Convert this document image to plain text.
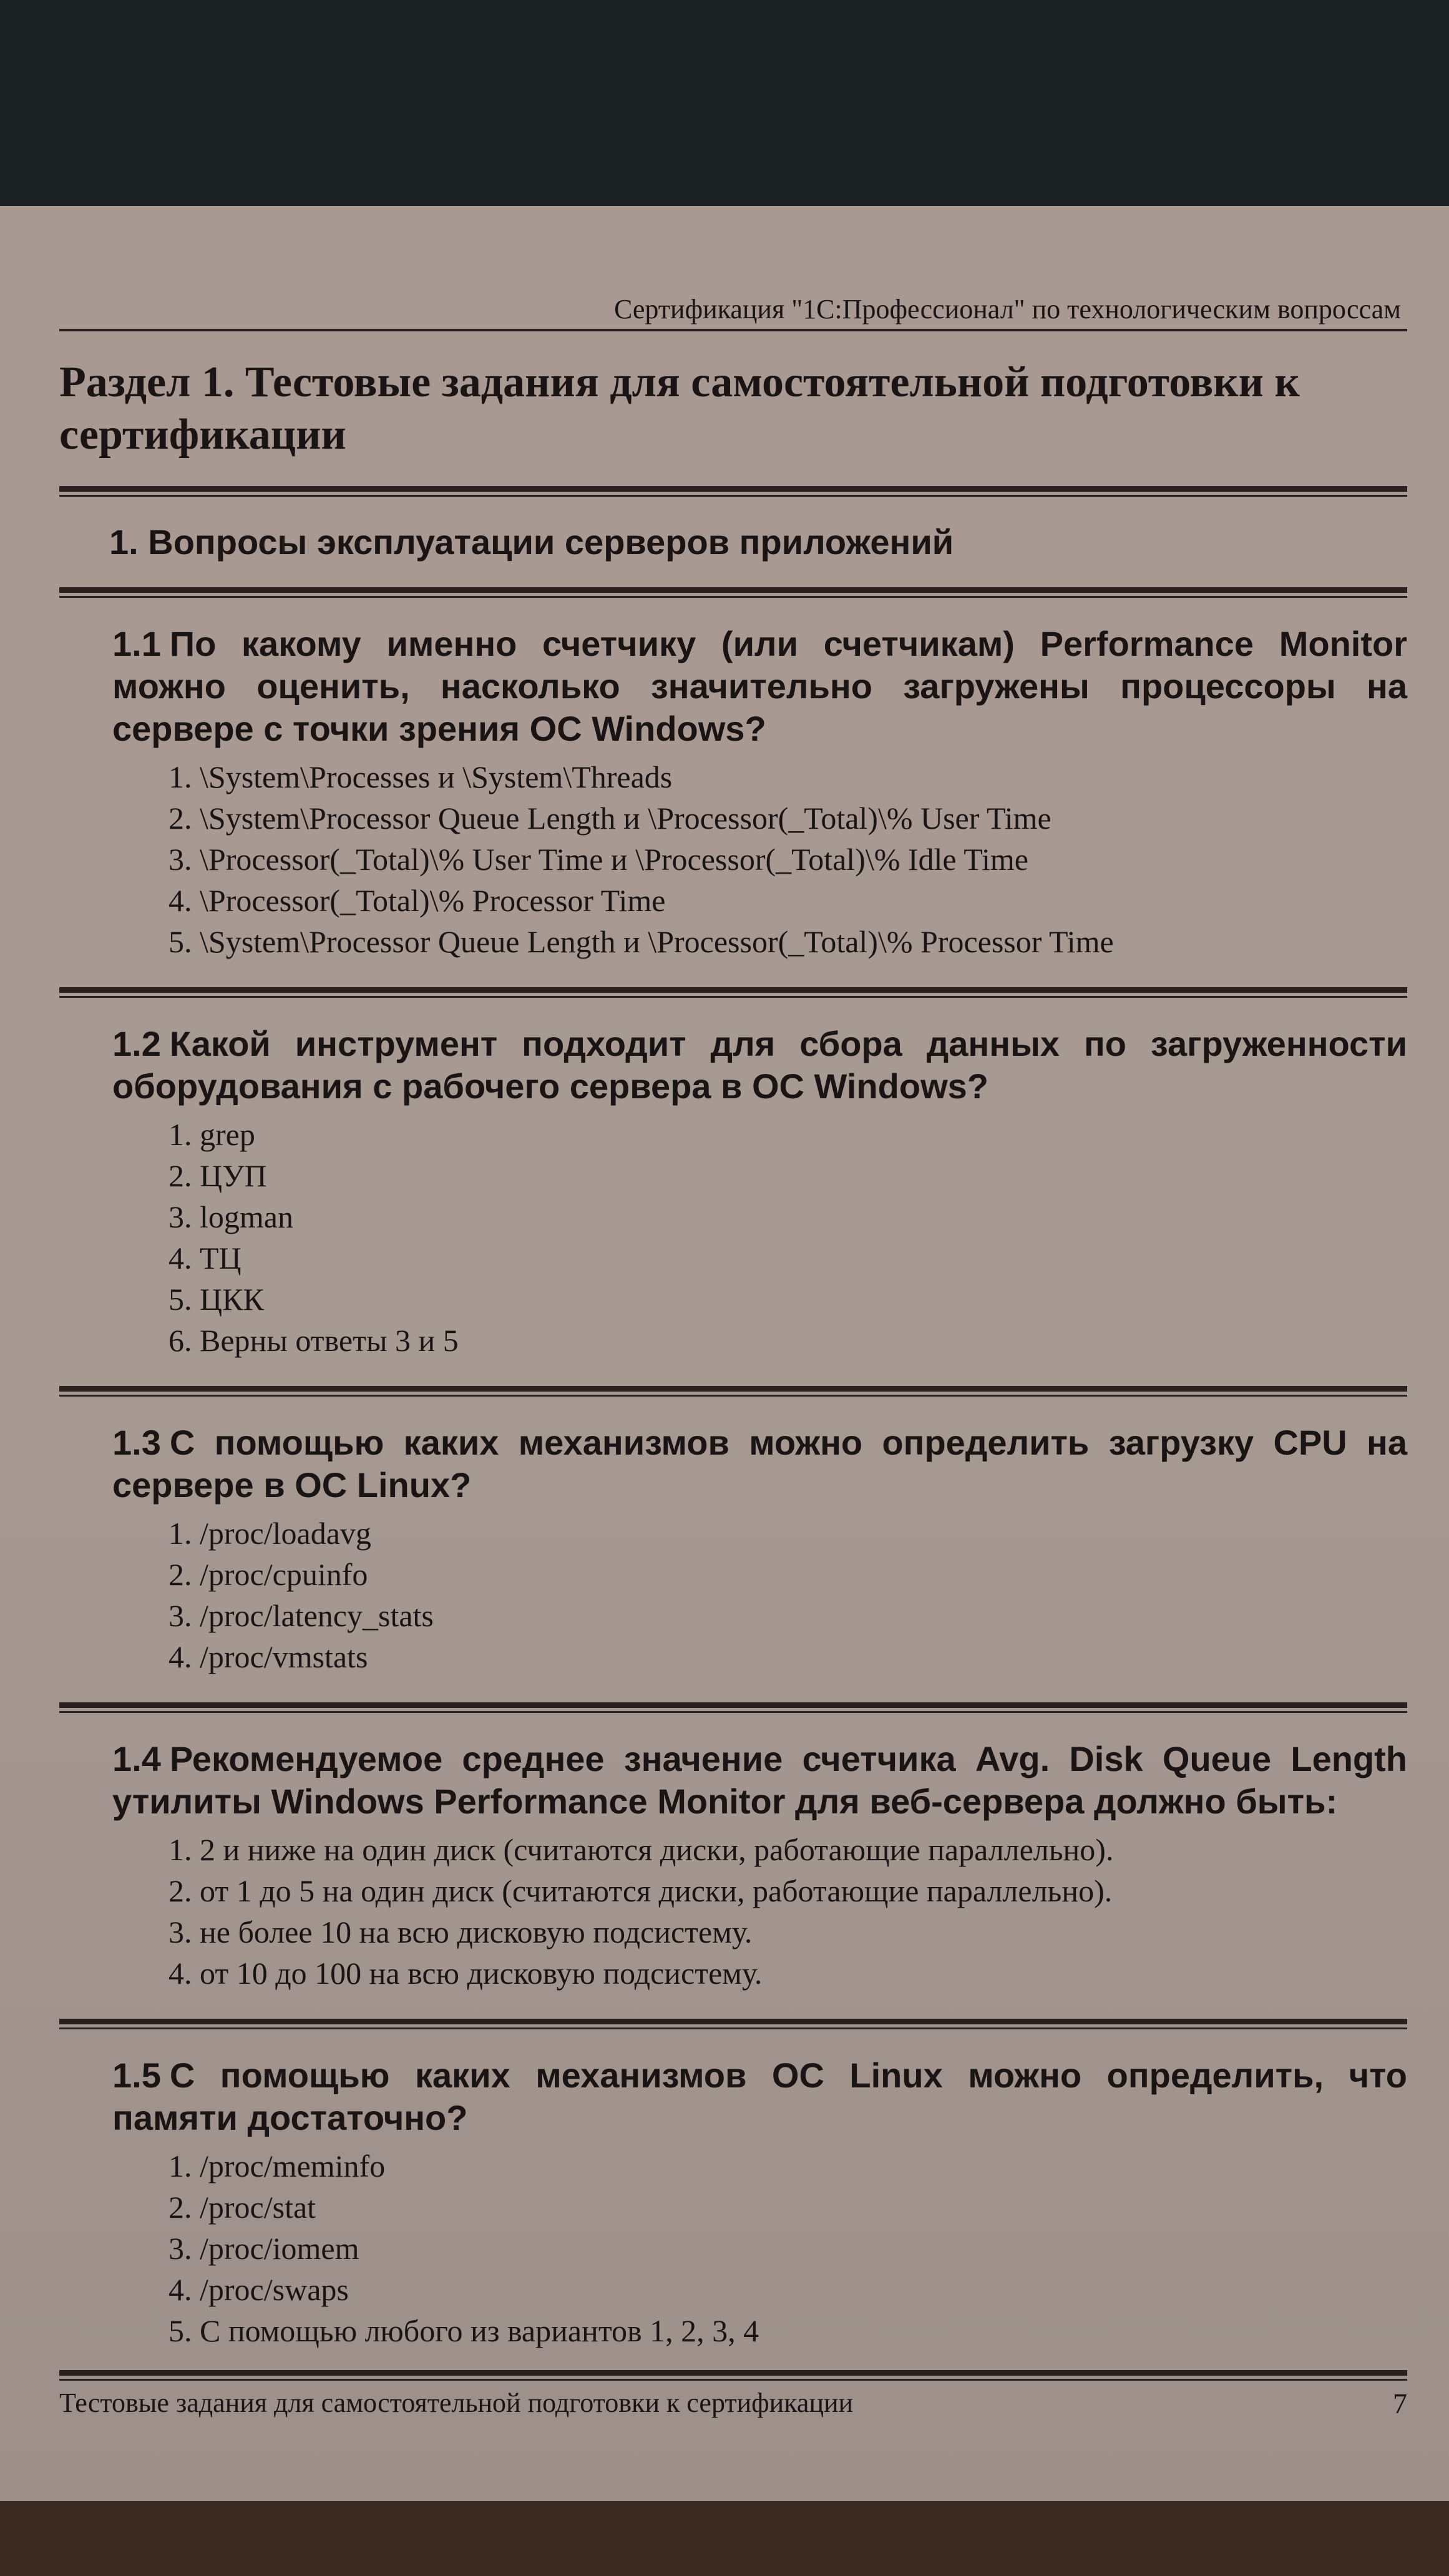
Сертификация "1С:Профессионал" по технологическим вопроссам
Раздел 1. Тестовые задания для самостоятельной подготовки к сертификации
1. Вопросы эксплуатации серверов приложений
1.1 По какому именно счетчику (или счетчикам) Performance Monitor можно оценить, насколько значительно загружены процессоры на сервере с точки зрения ОС Windows?
1. \System\Processes и \System\Threads
2. \System\Processor Queue Length и \Processor(_Total)\% User Time
3. \Processor(_Total)\% User Time и \Processor(_Total)\% Idle Time
4. \Processor(_Total)\% Processor Time
5. \System\Processor Queue Length и \Processor(_Total)\% Processor Time
1.2 Какой инструмент подходит для сбора данных по загруженности оборудования с рабочего сервера в ОС Windows?
1. grep
2. ЦУП
3. logman
4. ТЦ
5. ЦКК
6. Верны ответы 3 и 5
1.3 С помощью каких механизмов можно определить загрузку CPU на сервере в ОС Linux?
1. /proc/loadavg
2. /proc/cpuinfo
3. /proc/latency_stats
4. /proc/vmstats
1.4 Рекомендуемое среднее значение счетчика Avg. Disk Queue Length утилиты Windows Performance Monitor для веб-сервера должно быть:
1. 2 и ниже на один диск (считаются диски, работающие параллельно).
2. от 1 до 5 на один диск (считаются диски, работающие параллельно).
3. не более 10 на всю дисковую подсистему.
4. от 10 до 100 на всю дисковую подсистему.
1.5 С помощью каких механизмов ОС Linux можно определить, что памяти достаточно?
1. /proc/meminfo
2. /proc/stat
3. /proc/iomem
4. /proc/swaps
5. С помощью любого из вариантов 1, 2, 3, 4
Тестовые задания для самостоятельной подготовки к сертификации	7
